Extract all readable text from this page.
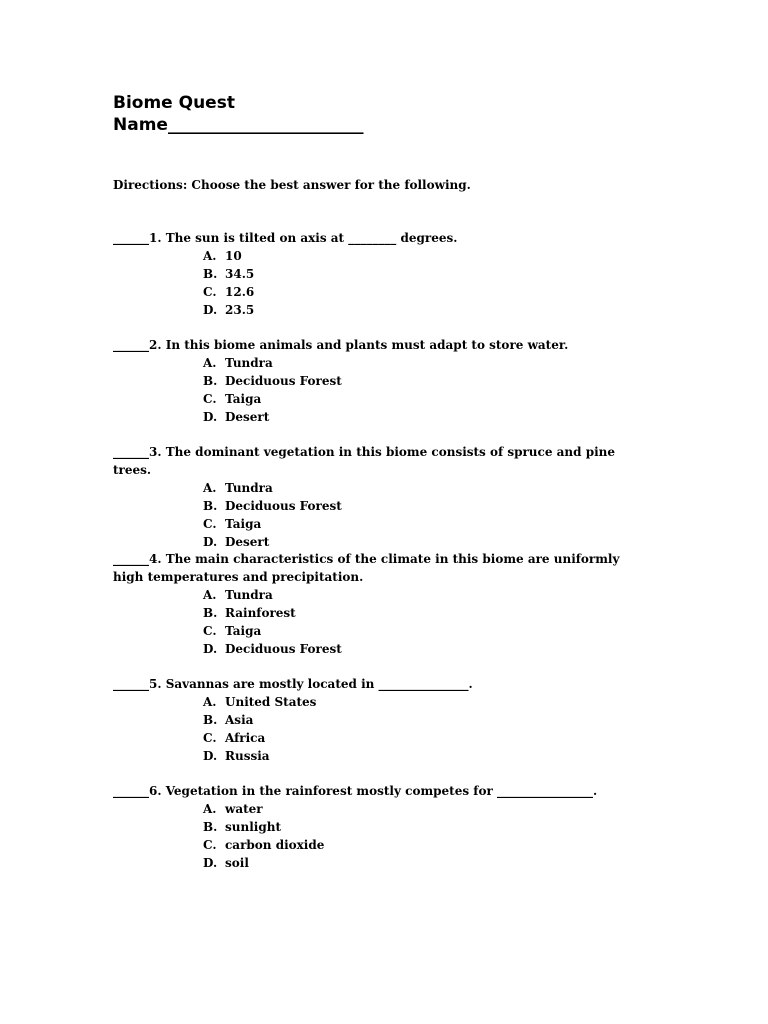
Biome Quest
Name_______________________
Directions: Choose the best answer for the following.

______1. The sun is tilted on axis at ________ degrees.

A. 10
B. 34.5
C. 12.6
D. 23.5

______2. In this biome animals and plants must adapt to store water.

A. Tundra
B. Deciduous Forest
C. Taiga
D. Desert

______3. The dominant vegetation in this biome consists of spruce and pine trees.

A. Tundra
B. Deciduous Forest
C. Taiga
D. Desert

______4. The main characteristics of the climate in this biome are uniformly high temperatures and precipitation.

A. Tundra
B. Rainforest
C. Taiga
D. Deciduous Forest

______5. Savannas are mostly located in _______________.

A. United States
B. Asia
C. Africa
D. Russia

______6. Vegetation in the rainforest mostly competes for ________________.

A. water
B. sunlight
C. carbon dioxide
D. soil
